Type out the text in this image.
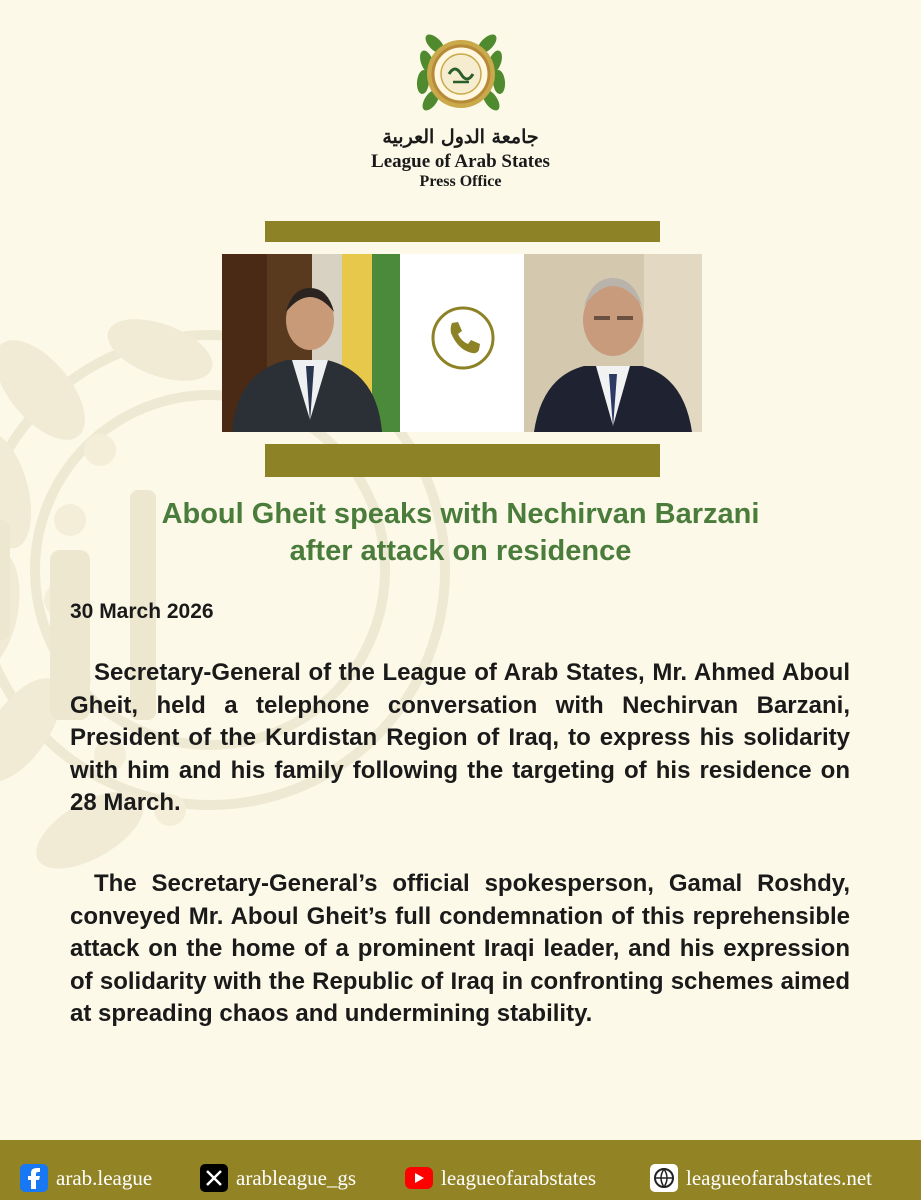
جامعة الدول العربية
League of Arab States
Press Office
Aboul Gheit speaks with Nechirvan Barzani
after attack on residence
30 March 2026

Secretary-General of the League of Arab States, Mr. Ahmed Aboul Gheit, held a telephone conversation with Nechirvan Barzani, President of the Kurdistan Region of Iraq, to express his solidarity with him and his family following the targeting of his residence on 28 March.

The Secretary-General’s official spokesperson, Gamal Roshdy, conveyed Mr. Aboul Gheit’s full condemnation of this reprehensible attack on the home of a prominent Iraqi leader, and his expression of solidarity with the Republic of Iraq in confronting schemes aimed at spreading chaos and undermining stability.

arab.league	arableague_gs	leagueofarabstates	leagueofarabstates.net
